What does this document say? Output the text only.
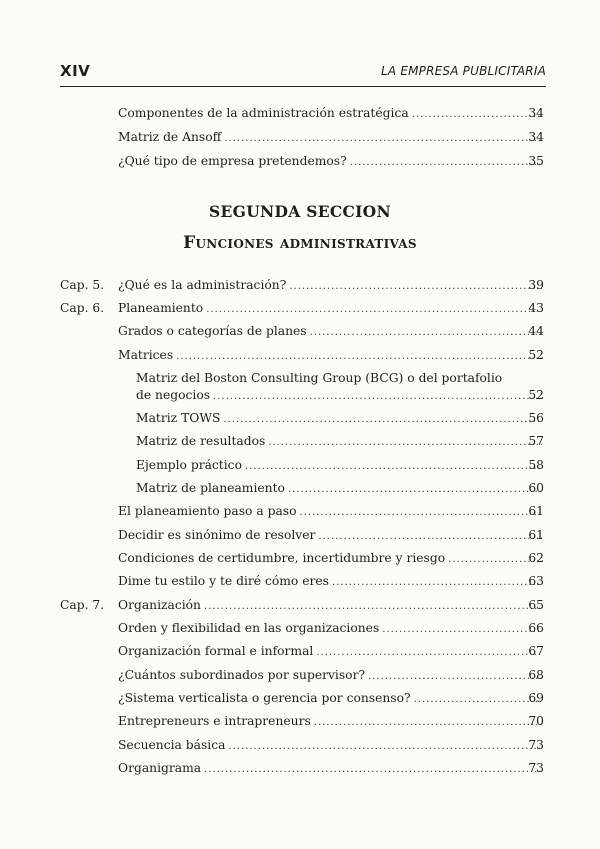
XIV	LA EMPRESA PUBLICITARIA
Componentes de la administración estratégica .....	34
Matriz de Ansoff .....	34
¿Qué tipo de empresa pretendemos? .....	35
SEGUNDA SECCION
Funciones administrativas
Cap. 5. ¿Qué es la administración? .....	39
Cap. 6. Planeamiento .....	43
Grados o categorías de planes .....	44
Matrices .....	52
Matriz del Boston Consulting Group (BCG) o del portafolio
de negocios .....	52
Matriz TOWS .....	56
Matriz de resultados .....	57
Ejemplo práctico .....	58
Matriz de planeamiento .....	60
El planeamiento paso a paso .....	61
Decidir es sinónimo de resolver .....	61
Condiciones de certidumbre, incertidumbre y riesgo .....	62
Dime tu estilo y te diré cómo eres .....	63
Cap. 7. Organización .....	65
Orden y flexibilidad en las organizaciones .....	66
Organización formal e informal .....	67
¿Cuántos subordinados por supervisor? .....	68
¿Sistema verticalista o gerencia por consenso? .....	69
Entrepreneurs e intrapreneurs .....	70
Secuencia básica .....	73
Organigrama .....	73
